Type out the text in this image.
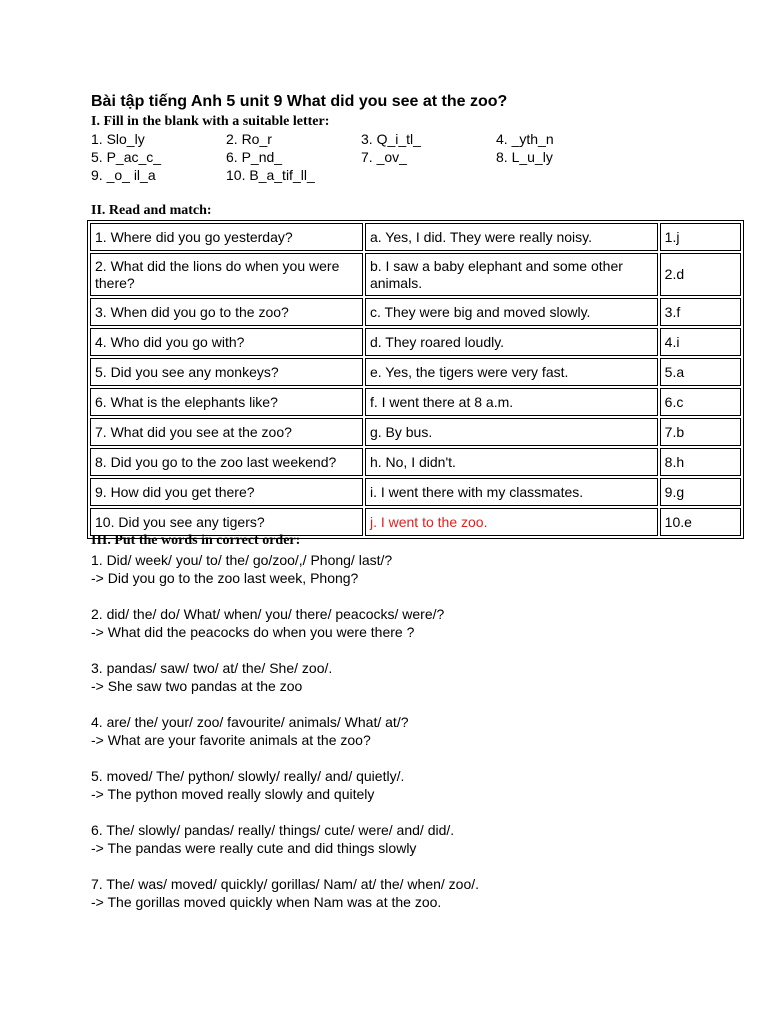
Bài tập tiếng Anh 5 unit 9 What did you see at the zoo?
I. Fill in the blank with a suitable letter:
1. Slo_ly	2. Ro_r	3. Q_i_tl_	4. _yth_n
5. P_ac_c_	6. P_nd_	7. _ov_	8. L_u_ly
9. _o_ il_a	10. B_a_tif_ll_
II. Read and match:
1. Where did you go yesterday?	a. Yes, I did. They were really noisy.	1.j
2. What did the lions do when you were there?	b. I saw a baby elephant and some other animals.	2.d
3. When did you go to the zoo?	c. They were big and moved slowly.	3.f
4. Who did you go with?	d. They roared loudly.	4.i
5. Did you see any monkeys?	e. Yes, the tigers were very fast.	5.a
6. What is the elephants like?	f. I went there at 8 a.m.	6.c
7. What did you see at the zoo?	g. By bus.	7.b
8. Did you go to the zoo last weekend?	h. No, I didn't.	8.h
9. How did you get there?	i. I went there with my classmates.	9.g
10. Did you see any tigers?	j. I went to the zoo.	10.e
III. Put the words in correct order:
1. Did/ week/ you/ to/ the/ go/zoo/,/ Phong/ last/?
-> Did you go to the zoo last week, Phong?
2. did/ the/ do/ What/ when/ you/ there/ peacocks/ were/?
-> What did the peacocks do when you were there ?
3. pandas/ saw/ two/ at/ the/ She/ zoo/.
-> She saw two pandas at the zoo
4. are/ the/ your/ zoo/ favourite/ animals/ What/ at/?
-> What are your favorite animals at the zoo?
5. moved/ The/ python/ slowly/ really/ and/ quietly/.
-> The python moved really slowly and quitely
6. The/ slowly/ pandas/ really/ things/ cute/ were/ and/ did/.
-> The pandas were really cute and did things slowly
7. The/ was/ moved/ quickly/ gorillas/ Nam/ at/ the/ when/ zoo/.
-> The gorillas moved quickly when Nam was at the zoo.
